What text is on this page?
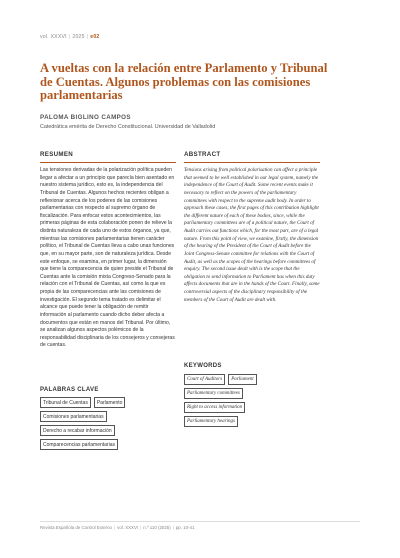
vol. XXXVI | 2025 | e02
A vueltas con la relación entre Parlamento y Tribunal de Cuentas. Algunos problemas con las comisiones parlamentarias
PALOMA BIGLINO CAMPOS
Catedrática emérita de Derecho Constitucional. Universidad de Valladolid
RESUMEN	ABSTRACT

Las tensiones derivadas de la polarización política pueden llegar a afectar a un principio que parecía bien asentado en nuestro sistema jurídico, esto es, la independencia del Tribunal de Cuentas. Algunos hechos recientes obligan a reflexionar acerca de los poderes de las comisiones parlamentarias con respecto al supremo órgano de fiscalización. Para enfocar estos acontecimientos, las primeras páginas de esta colaboración ponen de relieve la distinta naturaleza de cada uno de estos órganos, ya que, mientras las comisiones parlamentarias tienen carácter político, el Tribunal de Cuentas lleva a cabo unas funciones que, en su mayor parte, son de naturaleza jurídica. Desde este enfoque, se examina, en primer lugar, la dimensión que tiene la comparecencia de quien preside el Tribunal de Cuentas ante la comisión mixta Congreso-Senado para la relación con el Tribunal de Cuentas, así como la que es propia de las comparecencias ante las comisiones de investigación. El segundo tema tratado es delimitar el alcance que puede tener la obligación de remitir información al parlamento cuando dicho deber afecta a documentos que están en manos del Tribunal. Por último, se analizan algunos aspectos polémicos de la responsabilidad disciplinaria de los consejeros y consejeras de cuentas.

Tensions arising from political polarisation can affect a principle that seemed to be well established in our legal system, namely the independence of the Court of Audit. Some recent events make it necessary to reflect on the powers of the parliamentary committees with respect to the supreme audit body. In order to approach these cases, the first pages of this contribution highlight the different nature of each of these bodies, since, while the parliamentary committees are of a political nature, the Court of Audit carries out functions which, for the most part, are of a legal nature. From this point of view, we examine, firstly, the dimension of the hearing of the President of the Court of Audit before the Joint Congress-Senate committee for relations with the Court of Audit, as well as the scopes of the hearings before committees of enquiry. The second issue dealt with is the scope that the obligation to send information to Parliament has when this duty affects documents that are in the hands of the Court. Finally, some controversial aspects of the disciplinary responsibility of the members of the Court of Audit are dealt with.

PALABRAS CLAVE
Tribunal de Cuentas	Parlamento
Comisiones parlamentarias
Derecho a recabar información
Comparecencias parlamentarias
KEYWORDS
Court of Auditors	Parliament
Parliamentary committees
Right to access information
Parliamentary hearings
Revista Española de Control Externo | vol. XXXVI | n.º 110 (2025) | pp. 10-41
